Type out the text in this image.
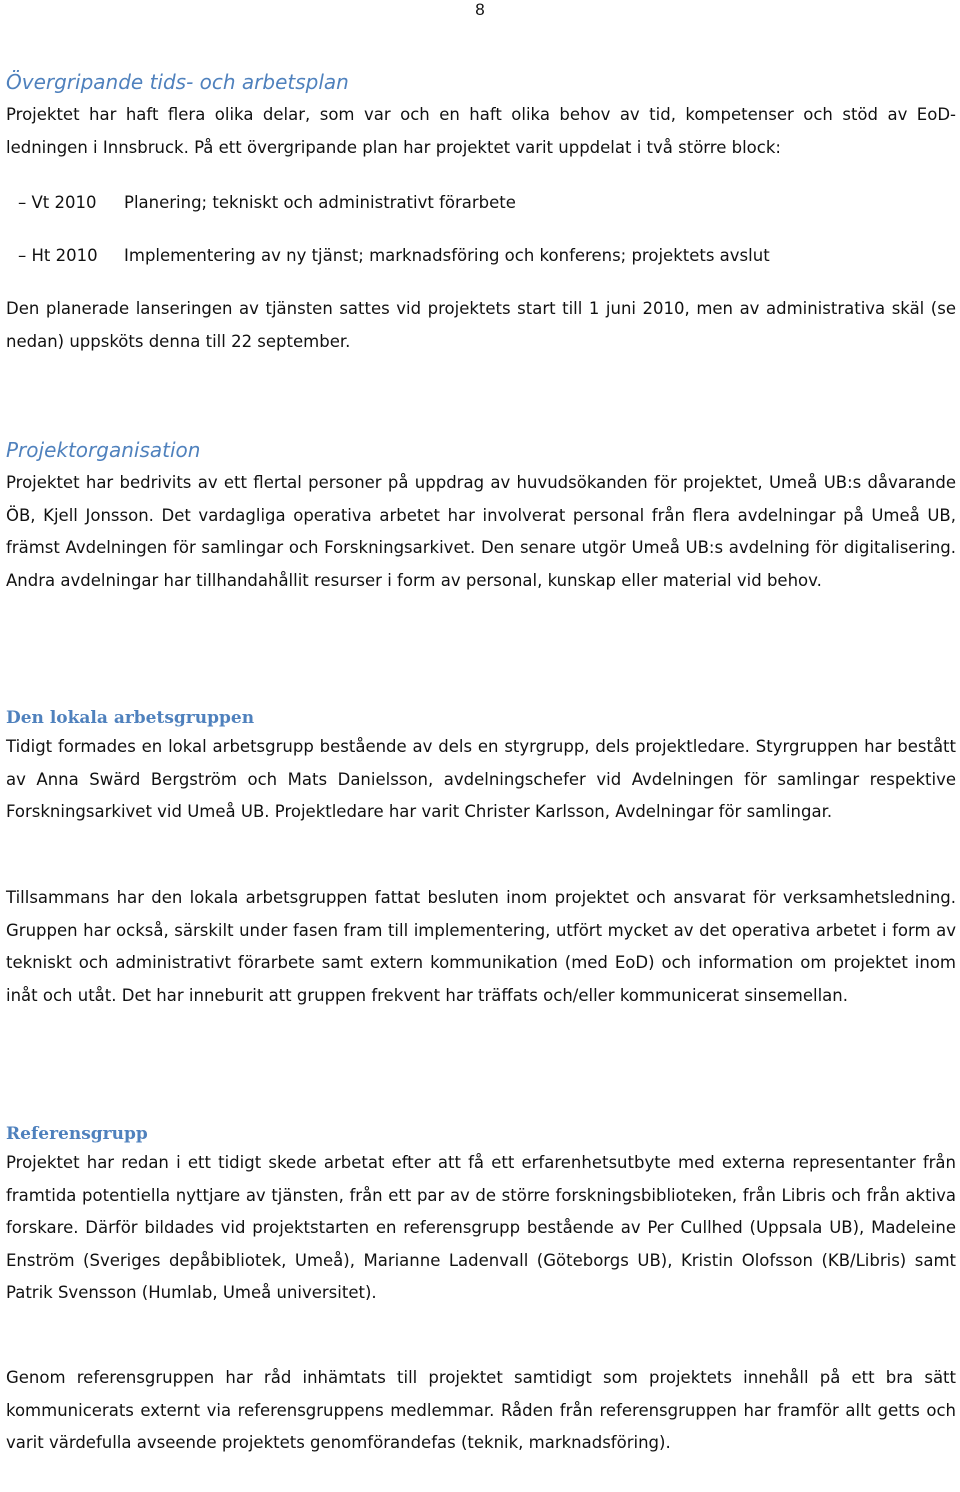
8
Övergripande tids- och arbetsplan

Projektet har haft flera olika delar, som var och en haft olika behov av tid, kompetenser och stöd av EoD-ledningen i Innsbruck. På ett övergripande plan har projektet varit uppdelat i två större block:

– Vt 2010 Planering; tekniskt och administrativt förarbete
– Ht 2010 Implementering av ny tjänst; marknadsföring och konferens; projektets avslut

Den planerade lanseringen av tjänsten sattes vid projektets start till 1 juni 2010, men av administrativa skäl (se nedan) uppsköts denna till 22 september.

Projektorganisation

Projektet har bedrivits av ett flertal personer på uppdrag av huvudsökanden för projektet, Umeå UB:s dåvarande ÖB, Kjell Jonsson. Det vardagliga operativa arbetet har involverat personal från flera avdelningar på Umeå UB, främst Avdelningen för samlingar och Forskningsarkivet. Den senare utgör Umeå UB:s avdelning för digitalisering. Andra avdelningar har tillhandahållit resurser i form av personal, kunskap eller material vid behov.

Den lokala arbetsgruppen

Tidigt formades en lokal arbetsgrupp bestående av dels en styrgrupp, dels projektledare. Styrgruppen har bestått av Anna Swärd Bergström och Mats Danielsson, avdelningschefer vid Avdelningen för samlingar respektive Forskningsarkivet vid Umeå UB. Projektledare har varit Christer Karlsson, Avdelningar för samlingar.

Tillsammans har den lokala arbetsgruppen fattat besluten inom projektet och ansvarat för verksamhetsledning. Gruppen har också, särskilt under fasen fram till implementering, utfört mycket av det operativa arbetet i form av tekniskt och administrativt förarbete samt extern kommunikation (med EoD) och information om projektet inom inåt och utåt. Det har inneburit att gruppen frekvent har träffats och/eller kommunicerat sinsemellan.

Referensgrupp

Projektet har redan i ett tidigt skede arbetat efter att få ett erfarenhetsutbyte med externa representanter från framtida potentiella nyttjare av tjänsten, från ett par av de större forskningsbiblioteken, från Libris och från aktiva forskare. Därför bildades vid projektstarten en referensgrupp bestående av Per Cullhed (Uppsala UB), Madeleine Enström (Sveriges depåbibliotek, Umeå), Marianne Ladenvall (Göteborgs UB), Kristin Olofsson (KB/Libris) samt Patrik Svensson (Humlab, Umeå universitet).

Genom referensgruppen har råd inhämtats till projektet samtidigt som projektets innehåll på ett bra sätt kommunicerats externt via referensgruppens medlemmar. Råden från referensgruppen har framför allt getts och varit värdefulla avseende projektets genomförandefas (teknik, marknadsföring).
